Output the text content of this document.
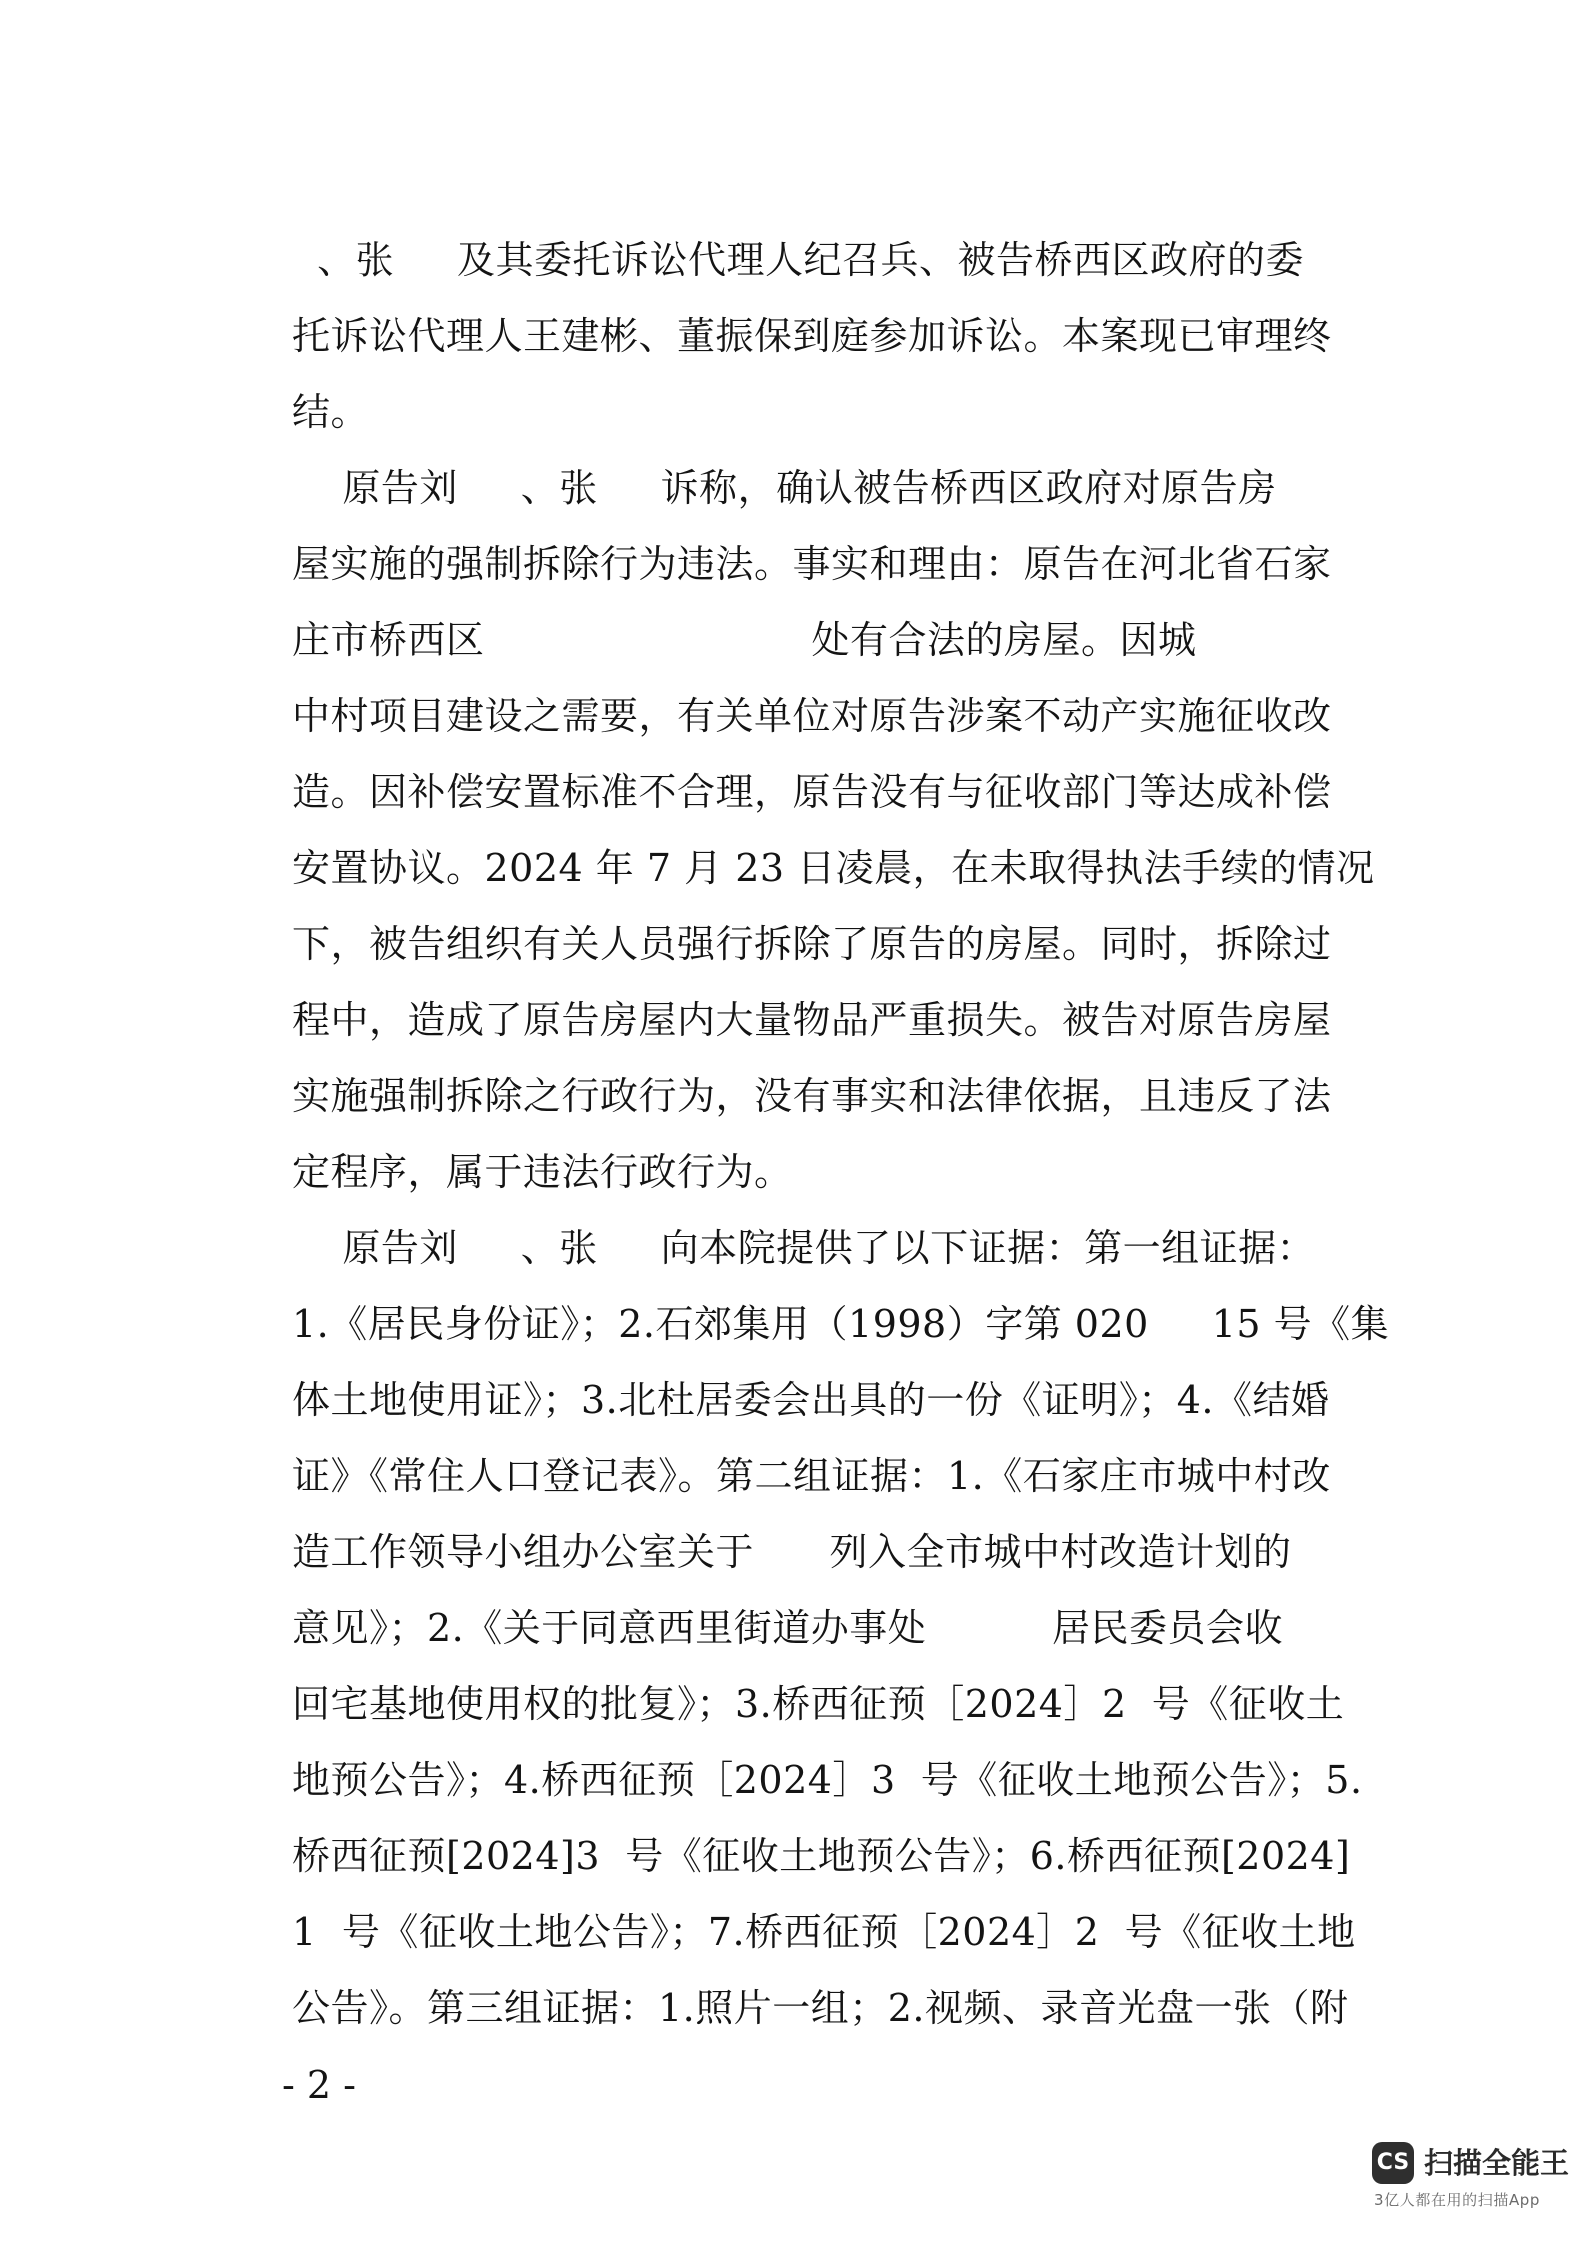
、张     及其委托诉讼代理人纪召兵、被告桥西区政府的委
托诉讼代理人王建彬、董振保到庭参加诉讼。本案现已审理终
结。
原告刘     、张     诉称，确认被告桥西区政府对原告房
屋实施的强制拆除行为违法。事实和理由：原告在河北省石家
庄市桥西区                          处有合法的房屋。因城
中村项目建设之需要，有关单位对原告涉案不动产实施征收改
造。因补偿安置标准不合理，原告没有与征收部门等达成补偿
安置协议。2024 年 7 月 23 日凌晨，在未取得执法手续的情况
下，被告组织有关人员强行拆除了原告的房屋。同时，拆除过
程中，造成了原告房屋内大量物品严重损失。被告对原告房屋
实施强制拆除之行政行为，没有事实和法律依据，且违反了法
定程序，属于违法行政行为。
原告刘     、张     向本院提供了以下证据：第一组证据：
1.《居民身份证》；2.石郊集用（1998）字第 020     15 号《集
体土地使用证》；3.北杜居委会出具的一份《证明》；4.《结婚
证》《常住人口登记表》。第二组证据：1.《石家庄市城中村改
造工作领导小组办公室关于      列入全市城中村改造计划的
意见》；2.《关于同意西里街道办事处          居民委员会收
回宅基地使用权的批复》；3.桥西征预［2024］2  号《征收土
地预公告》；4.桥西征预［2024］3  号《征收土地预公告》；5.
桥西征预[2024]3  号《征收土地预公告》；6.桥西征预[2024]
1  号《征收土地公告》；7.桥西征预［2024］2  号《征收土地
公告》。第三组证据：1.照片一组；2.视频、录音光盘一张（附
- 2 -
CS 扫描全能王
3亿人都在用的扫描App
